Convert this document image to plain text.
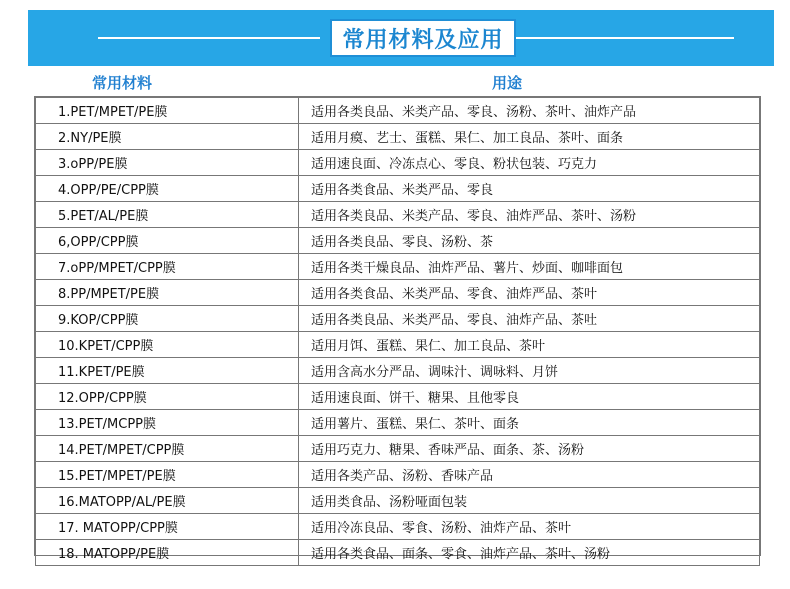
常用材料及应用
常用材料	用途
1.PET/MPET/PE膜	适用各类良品、米类产品、零良、汤粉、茶叶、油炸产品
2.NY/PE膜	适用月瘼、艺士、蛋糕、果仁、加工良品、茶叶、面条
3.oPP/PE膜	适用速良面、冷冻点心、零良、粉状包装、巧克力
4.OPP/PE/CPP膜	适用各类食品、米类严品、零良
5.PET/AL/PE膜	适用各类良品、米类产品、零良、油炸严品、茶叶、汤粉
6,OPP/CPP膜	适用各类良品、零良、汤粉、茶
7.oPP/MPET/CPP膜	适用各类干燥良品、油炸严品、薯片、炒面、咖啡面包
8.PP/MPET/PE膜	适用各类食品、米类严品、零食、油炸严品、茶叶
9.KOP/CPP膜	适用各类良品、米类严品、零良、油炸产品、茶吐
10.KPET/CPP膜	适用月饵、蛋糕、果仁、加工良品、茶叶
11.KPET/PE膜	适用含高水分严品、调味汁、调咏料、月饼
12.OPP/CPP膜	适用速良面、饼干、糖果、且他零良
13.PET/MCPP膜	适用薯片、蛋糕、果仁、茶叶、面条
14.PET/MPET/CPP膜	适用巧克力、糖果、香味严品、面条、茶、汤粉
15.PET/MPET/PE膜	适用各类产品、汤粉、香味产品
16.MATOPP/AL/PE膜	适用类食品、汤粉哑面包装
17. MATOPP/CPP膜	适用冷冻良品、零食、汤粉、油炸产品、茶叶
18. MATOPP/PE膜	适用各类食品、面条、零食、油炸产品、茶叶、汤粉
